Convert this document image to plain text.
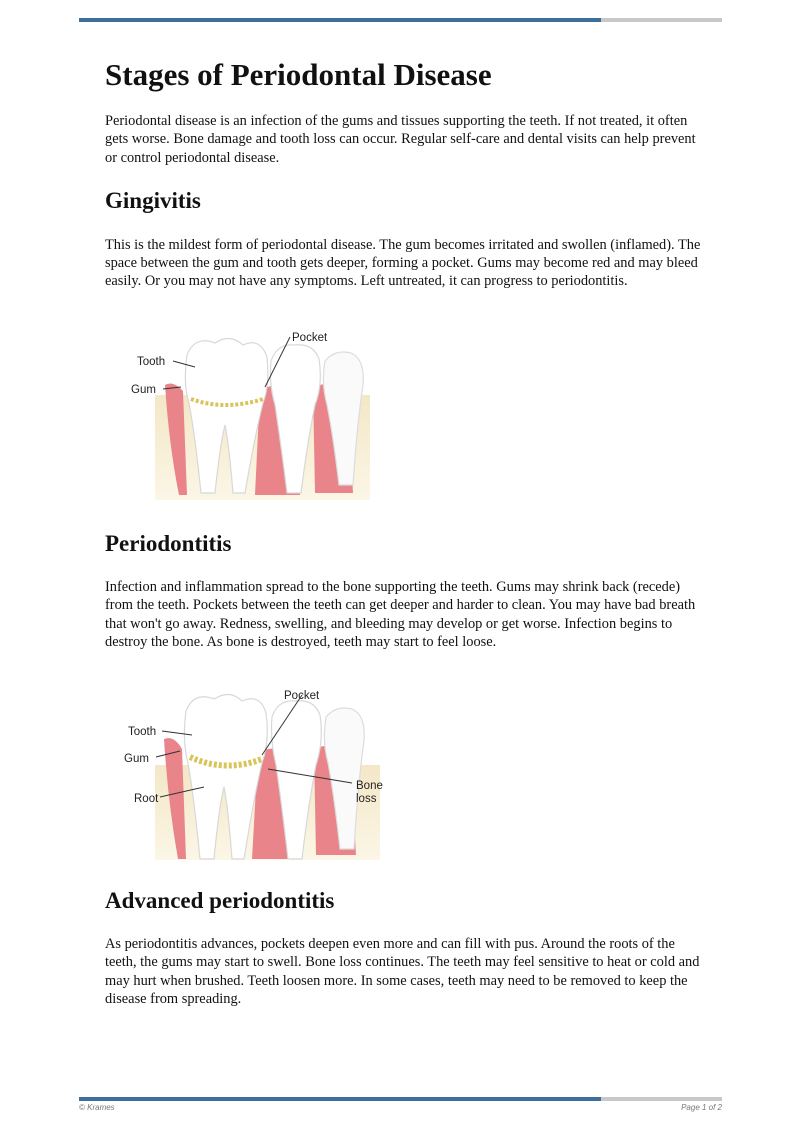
Stages of Periodontal Disease

Periodontal disease is an infection of the gums and tissues supporting the teeth. If not treated, it often gets worse. Bone damage and tooth loss can occur. Regular self-care and dental visits can help prevent or control periodontal disease.

Gingivitis

This is the mildest form of periodontal disease. The gum becomes irritated and swollen (inflamed). The space between the gum and tooth gets deeper, forming a pocket. Gums may become red and may bleed easily. Or you may not have any symptoms. Left untreated, it can progress to periodontitis.

Tooth
Gum
Pocket
Periodontitis

Infection and inflammation spread to the bone supporting the teeth. Gums may shrink back (recede) from the teeth. Pockets between the teeth can get deeper and harder to clean. You may have bad breath that won't go away. Redness, swelling, and bleeding may develop or get worse. Infection begins to destroy the bone. As bone is destroyed, teeth may start to feel loose.

Tooth
Gum
Root
Pocket
Bone
loss
Advanced periodontitis

As periodontitis advances, pockets deepen even more and can fill with pus. Around the roots of the teeth, the gums may start to swell. Bone loss continues. The teeth may feel sensitive to heat or cold and may hurt when brushed. Teeth loosen more. In some cases, teeth may need to be removed to keep the disease from spreading.

© Krames	Page 1 of 2
